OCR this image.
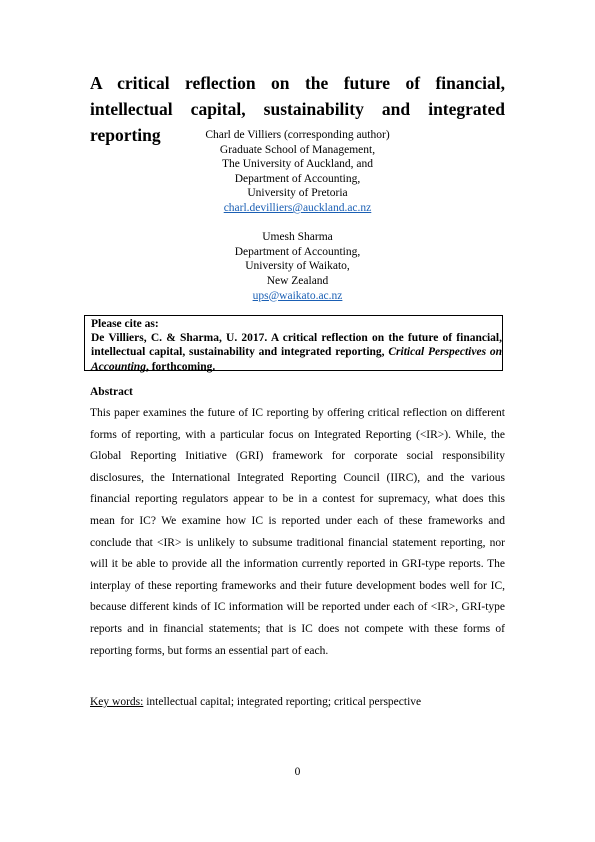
A critical reflection on the future of financial, intellectual capital, sustainability and integrated reporting	Charl de Villiers (corresponding author)
Graduate School of Management,
The University of Auckland, and
Department of Accounting,
University of Pretoria
charl.devilliers@auckland.ac.nz
Umesh Sharma
Department of Accounting,
University of Waikato,
New Zealand
ups@waikato.ac.nz
Please cite as:
De Villiers, C. & Sharma, U. 2017. A critical reflection on the future of financial, intellectual capital, sustainability and integrated reporting, Critical Perspectives on Accounting, forthcoming.
Abstract
This paper examines the future of IC reporting by offering critical reflection on different forms of reporting, with a particular focus on Integrated Reporting (<IR>). While, the Global Reporting Initiative (GRI) framework for corporate social responsibility disclosures, the International Integrated Reporting Council (IIRC), and the various financial reporting regulators appear to be in a contest for supremacy, what does this mean for IC? We examine how IC is reported under each of these frameworks and conclude that <IR> is unlikely to subsume traditional financial statement reporting, nor will it be able to provide all the information currently reported in GRI-type reports. The interplay of these reporting frameworks and their future development bodes well for IC, because different kinds of IC information will be reported under each of <IR>, GRI-type reports and in financial statements; that is IC does not compete with these forms of reporting forms, but forms an essential part of each.
Key words: intellectual capital; integrated reporting; critical perspective
0
